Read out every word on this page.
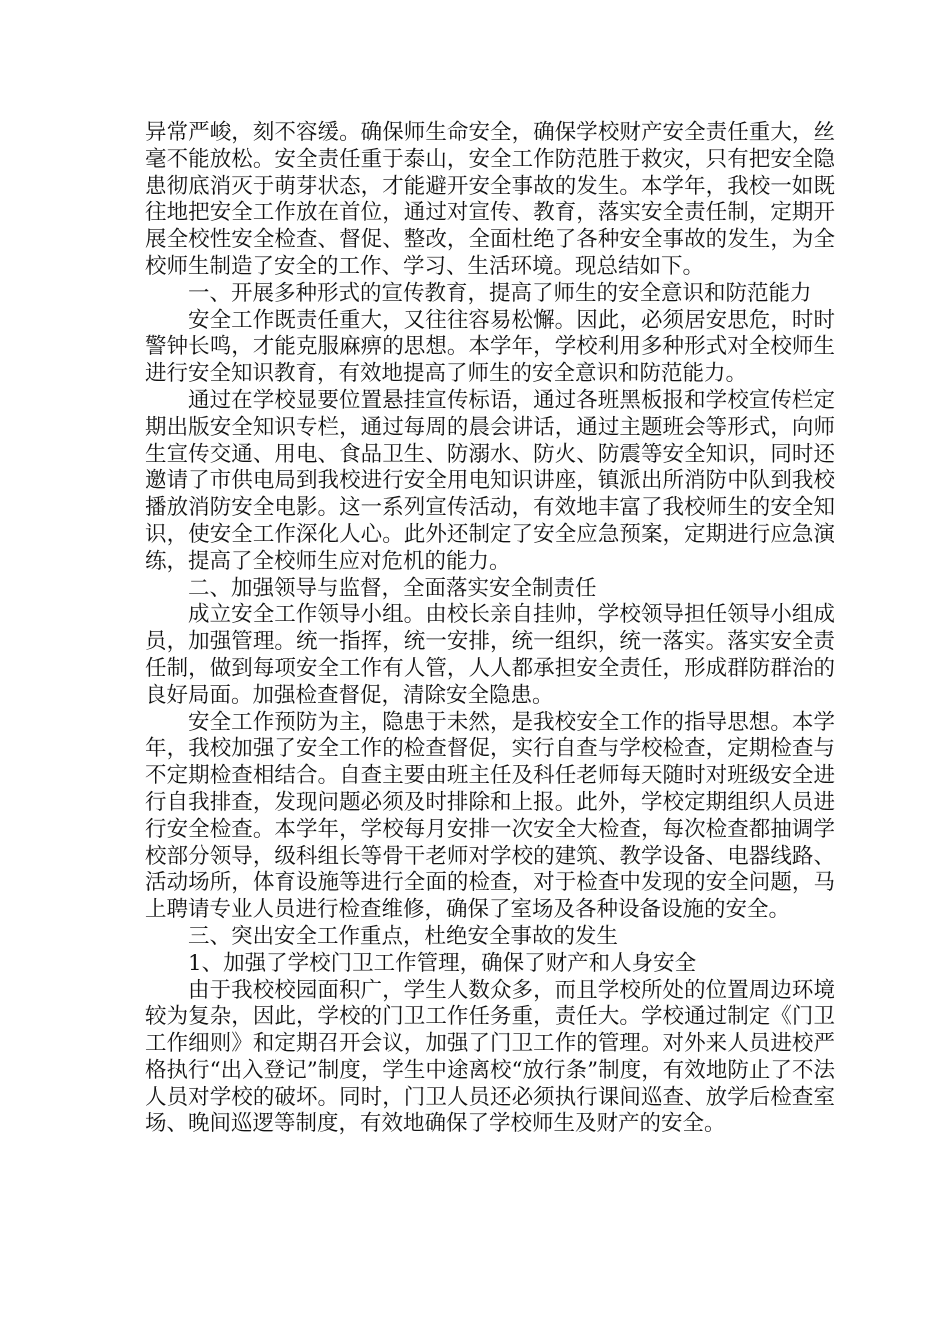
异常严峻，刻不容缓。确保师生命安全，确保学校财产安全责任重大，丝毫不能放松。安全责任重于泰山，安全工作防范胜于救灾，只有把安全隐患彻底消灭于萌芽状态，才能避开安全事故的发生。本学年，我校一如既往地把安全工作放在首位，通过对宣传、教育，落实安全责任制，定期开展全校性安全检查、督促、整改，全面杜绝了各种安全事故的发生，为全校师生制造了安全的工作、学习、生活环境。现总结如下。

一、开展多种形式的宣传教育，提高了师生的安全意识和防范能力

安全工作既责任重大，又往往容易松懈。因此，必须居安思危，时时警钟长鸣，才能克服麻痹的思想。本学年，学校利用多种形式对全校师生进行安全知识教育，有效地提高了师生的安全意识和防范能力。

通过在学校显要位置悬挂宣传标语，通过各班黑板报和学校宣传栏定期出版安全知识专栏，通过每周的晨会讲话，通过主题班会等形式，向师生宣传交通、用电、食品卫生、防溺水、防火、防震等安全知识，同时还邀请了市供电局到我校进行安全用电知识讲座，镇派出所消防中队到我校播放消防安全电影。这一系列宣传活动，有效地丰富了我校师生的安全知识，使安全工作深化人心。此外还制定了安全应急预案，定期进行应急演练，提高了全校师生应对危机的能力。

二、加强领导与监督，全面落实安全制责任

成立安全工作领导小组。由校长亲自挂帅，学校领导担任领导小组成员，加强管理。统一指挥，统一安排，统一组织，统一落实。落实安全责任制，做到每项安全工作有人管，人人都承担安全责任，形成群防群治的良好局面。加强检查督促，清除安全隐患。

安全工作预防为主，隐患于未然，是我校安全工作的指导思想。本学年，我校加强了安全工作的检查督促，实行自查与学校检查，定期检查与不定期检查相结合。自查主要由班主任及科任老师每天随时对班级安全进行自我排查，发现问题必须及时排除和上报。此外，学校定期组织人员进行安全检查。本学年，学校每月安排一次安全大检查，每次检查都抽调学校部分领导，级科组长等骨干老师对学校的建筑、教学设备、电器线路、活动场所，体育设施等进行全面的检查，对于检查中发现的安全问题，马上聘请专业人员进行检查维修，确保了室场及各种设备设施的安全。

三、突出安全工作重点，杜绝安全事故的发生

1、加强了学校门卫工作管理，确保了财产和人身安全

由于我校校园面积广，学生人数众多，而且学校所处的位置周边环境较为复杂，因此，学校的门卫工作任务重，责任大。学校通过制定《门卫工作细则》和定期召开会议，加强了门卫工作的管理。对外来人员进校严格执行“出入登记”制度，学生中途离校“放行条”制度，有效地防止了不法人员对学校的破坏。同时，门卫人员还必须执行课间巡查、放学后检查室场、晚间巡逻等制度，有效地确保了学校师生及财产的安全。
